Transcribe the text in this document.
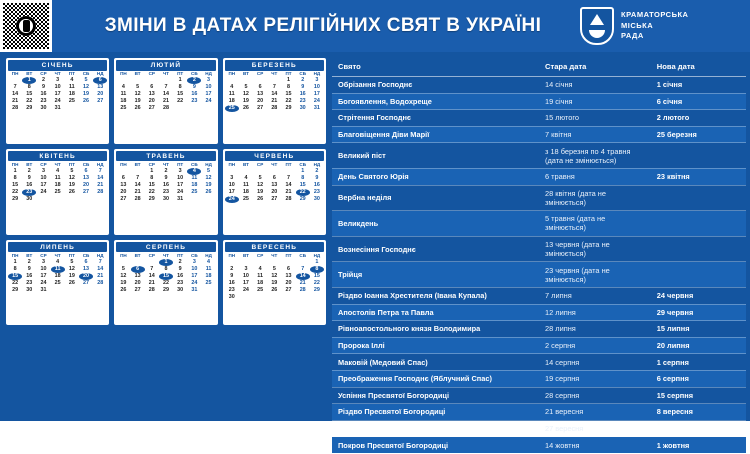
ЗМІНИ В ДАТАХ РЕЛІГІЙНИХ СВЯТ В УКРАЇНІ
КРАМАТОРСЬКА
МІСЬКА
РАДА
СІЧЕНЬ
ПН	ВТ	СР	ЧТ	ПТ	СБ	НД
	1	2	3	4	5	6
7	8	9	10	11	12	13
14	15	16	17	18	19	20
21	22	23	24	25	26	27
28	29	30	31			
ЛЮТИЙ
ПН	ВТ	СР	ЧТ	ПТ	СБ	НД
				1	2	3
4	5	6	7	8	9	10
11	12	13	14	15	16	17
18	19	20	21	22	23	24
25	26	27	28			
БЕРЕЗЕНЬ
ПН	ВТ	СР	ЧТ	ПТ	СБ	НД
				1	2	3
4	5	6	7	8	9	10
11	12	13	14	15	16	17
18	19	20	21	22	23	24
25	26	27	28	29	30	31
КВІТЕНЬ
ПН	ВТ	СР	ЧТ	ПТ	СБ	НД
1	2	3	4	5	6	7
8	9	10	11	12	13	14
15	16	17	18	19	20	21
22	23	24	25	26	27	28
29	30					
ТРАВЕНЬ
ПН	ВТ	СР	ЧТ	ПТ	СБ	НД
		1	2	3	4	5
6	7	8	9	10	11	12
13	14	15	16	17	18	19
20	21	22	23	24	25	26
27	28	29	30	31		
ЧЕРВЕНЬ
ПН	ВТ	СР	ЧТ	ПТ	СБ	НД
					1	2
3	4	5	6	7	8	9
10	11	12	13	14	15	16
17	18	19	20	21	22	23
24	25	26	27	28	29	30
ЛИПЕНЬ
ПН	ВТ	СР	ЧТ	ПТ	СБ	НД
1	2	3	4	5	6	7
8	9	10	11	12	13	14
15	16	17	18	19	20	21
22	23	24	25	26	27	28
29	30	31				
СЕРПЕНЬ
ПН	ВТ	СР	ЧТ	ПТ	СБ	НД
			1	2	3	4
5	6	7	8	9	10	11
12	13	14	15	16	17	18
19	20	21	22	23	24	25
26	27	28	29	30	31	
ВЕРЕСЕНЬ
ПН	ВТ	СР	ЧТ	ПТ	СБ	НД
						1
2	3	4	5	6	7	8
9	10	11	12	13	14	15
16	17	18	19	20	21	22
23	24	25	26	27	28	29
30						
Свято	Стара дата	Нова дата
Обрізання Господнє	14 січня	1 січня
Богоявлення, Водохреще	19 січня	6 січня
Стрітення Господнє	15 лютого	2 лютого
Благовіщення Діви Марії	7 квітня	25 березня
Великий піст	з 18 березня по 4 травня (дата не змінюється)	
День Святого Юрія	6 травня	23 квітня
Вербна неділя	28 квітня (дата не змінюється)	
Великдень	5 травня (дата не змінюється)	
Вознесіння Господнє	13 червня (дата не змінюється)	
Трійця	23 червня (дата не змінюється)	
Різдво Іоанна Хрестителя (Івана Купала)	7 липня	24 червня
Апостолів Петра та Павла	12 липня	29 червня
Рівноапостольного князя Володимира	28 липня	15 липня
Пророка Іллі	2 серпня	20 липня
Маковій (Медовий Спас)	14 серпня	1 серпня
Преображення Господнє (Яблучний Спас)	19 серпня	6 серпня
Успіння Пресвятої Богородиці	28 серпня	15 серпня
Різдво Пресвятої Богородиці	21 вересня	8 вересня
Воздвиження Хреста Господнього	27 вересня	14 вересня
Покров Пресвятої Богородиці	14 жовтня	1 жовтня
